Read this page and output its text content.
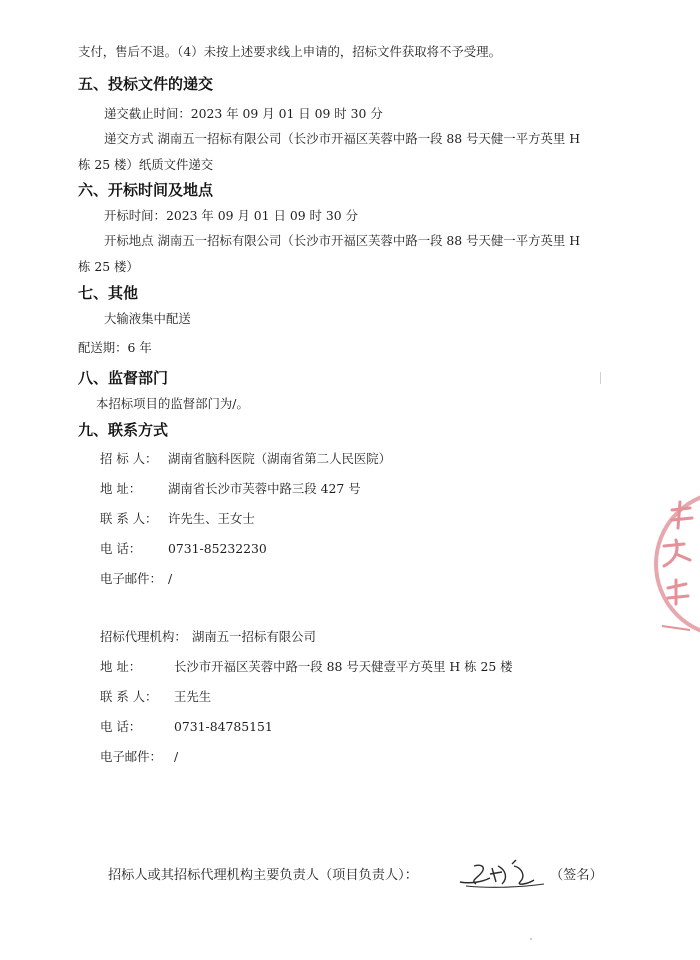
支付，售后不退。（4）未按上述要求线上申请的，招标文件获取将不予受理。
五、投标文件的递交
递交截止时间：2023 年 09 月 01 日 09 时 30 分
递交方式 湖南五一招标有限公司（长沙市开福区芙蓉中路一段 88 号天健一平方英里 H
栋 25 楼）纸质文件递交
六、开标时间及地点
开标时间：2023 年 09 月 01 日 09 时 30 分
开标地点 湖南五一招标有限公司（长沙市开福区芙蓉中路一段 88 号天健一平方英里 H
栋 25 楼）
七、其他
大输液集中配送
配送期：6 年
八、监督部门
本招标项目的监督部门为/。
九、联系方式
招 标 人： 湖南省脑科医院（湖南省第二人民医院）
地 址： 湖南省长沙市芙蓉中路三段 427 号
联 系 人： 许先生、王女士
电 话： 0731-85232230
电子邮件： /
招标代理机构： 湖南五一招标有限公司
地 址：	长沙市开福区芙蓉中路一段 88 号天健壹平方英里 H 栋 25 楼
联 系 人： 王先生
电 话：	0731-84785151
电子邮件： /
招标人或其招标代理机构主要负责人（项目负责人）：	（签名）
